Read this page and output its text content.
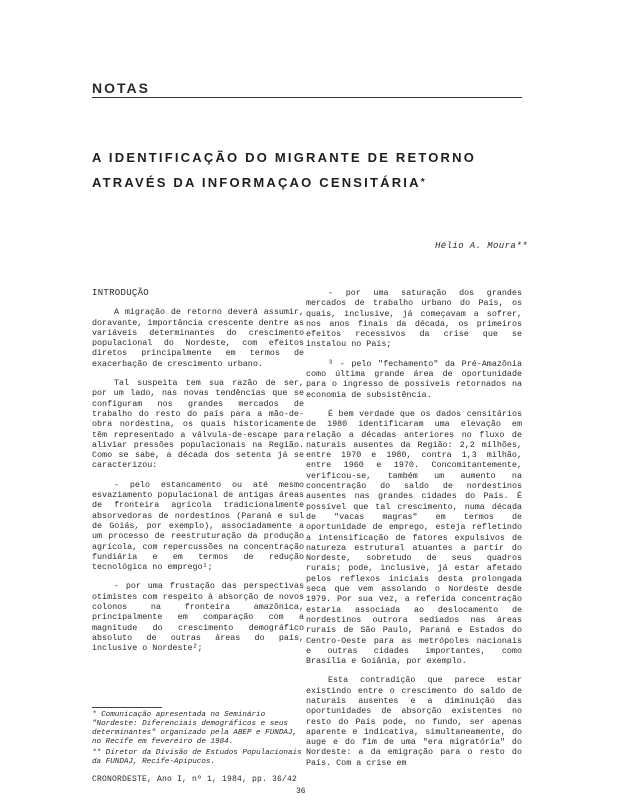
NOTAS
A IDENTIFICAÇÃO DO MIGRANTE DE RETORNO
ATRAVÉS DA INFORMAÇAO CENSITÁRIA*
Hélio A. Moura**
INTRODUÇÃO

A migração de retorno deverá assumir, doravante, importância crescente dentre as variáveis determinantes do crescimento populacional do Nordeste, com efeitos diretos principalmente em termos de exacerbação de crescimento urbano.

Tal suspeita tem sua razão de ser, por um lado, nas novas tendências que se configuram nos grandes mercados de trabalho do resto do país para a mão-de-obra nordestina, os quais historicamente têm representado a válvula-de-escape para aliviar pressões populacionais na Região. Como se sabe, a década dos setenta já se caracterizou:

- pelo estancamento ou até mesmo esvaziamento populacional de antigas áreas de fronteira agrícola tradicionalmente absorvedoras de nordestinos (Paraná e sul de Goiás, por exemplo), associadamente a um processo de reestruturação da produção agrícola, com repercussões na concentração fundiária e em termos de redução tecnológica no emprego¹;

- por uma frustação das perspectivas otimistes com respeito à absorção de novos colonos na fronteira amazônica, principalmente em comparação com a magnitude do crescimento demográfico absoluto de outras áreas do país, inclusive o Nordeste²;

- por uma saturação dos grandes mercados de trabalho urbano do País, os quais, inclusive, já começavam a sofrer, nos anos finais da década, os primeiros efeitos recessivos da crise que se instalou no País;

³ - pelo "fechamento" da Pré-Amazônia como última grande área de oportunidade para o ingresso de possíveis retornados na economia de subsistência.

É bem verdade que os dados censitários de 1980 identificaram uma elevação em relação a décadas anteriores no fluxo de naturais ausentes da Região: 2,2 milhões, entre 1970 e 1980, contra 1,3 milhão, entre 1960 e 1970. Concomitantemente, verificou-se, também um aumento na concentração do saldo de nordestinos ausentes nas grandes cidades do País. É possível que tal crescimento, numa década de "vacas magras" em termos de oportunidade de emprego, esteja refletindo a intensificação de fatores expulsivos de natureza estrutural atuantes a partir do Nordeste, sobretudo de seus quadros rurais; pode, inclusive, já estar afetado pelos reflexos iniciais desta prolongada seca que vem assolando o Nordeste desde 1979. Por sua vez, a referida concentração estaria associada ao deslocamento de nordestinos outrora sediados nas áreas rurais de São Paulo, Paraná e Estados do Centro-Oeste para as metrópoles nacionais e outras cidades importantes, como Brasília e Goiânia, por exemplo.

Esta contradição que parece estar existindo entre o crescimento do saldo de naturais ausentes e a diminuição das oportunidades de absorção existentes no resto do País pode, no fundo, ser apenas aparente e indicativa, simultaneamente, do auge e do fim de uma "era migratória" do Nordeste: a da emigração para o resto do País. Com a crise em

* Comunicação apresentada no Seminário "Nordeste: Diferenciais demográficos e seus determinantes" organizado pela ABEP e FUNDAJ, no Recife em fevereiro de 1984.

** Diretor da Divisão de Estudos Populacionais da FUNDAJ, Recife-Apipucos.

CRONORDESTE, Ano I, nº 1, 1984, pp. 36/42
36
